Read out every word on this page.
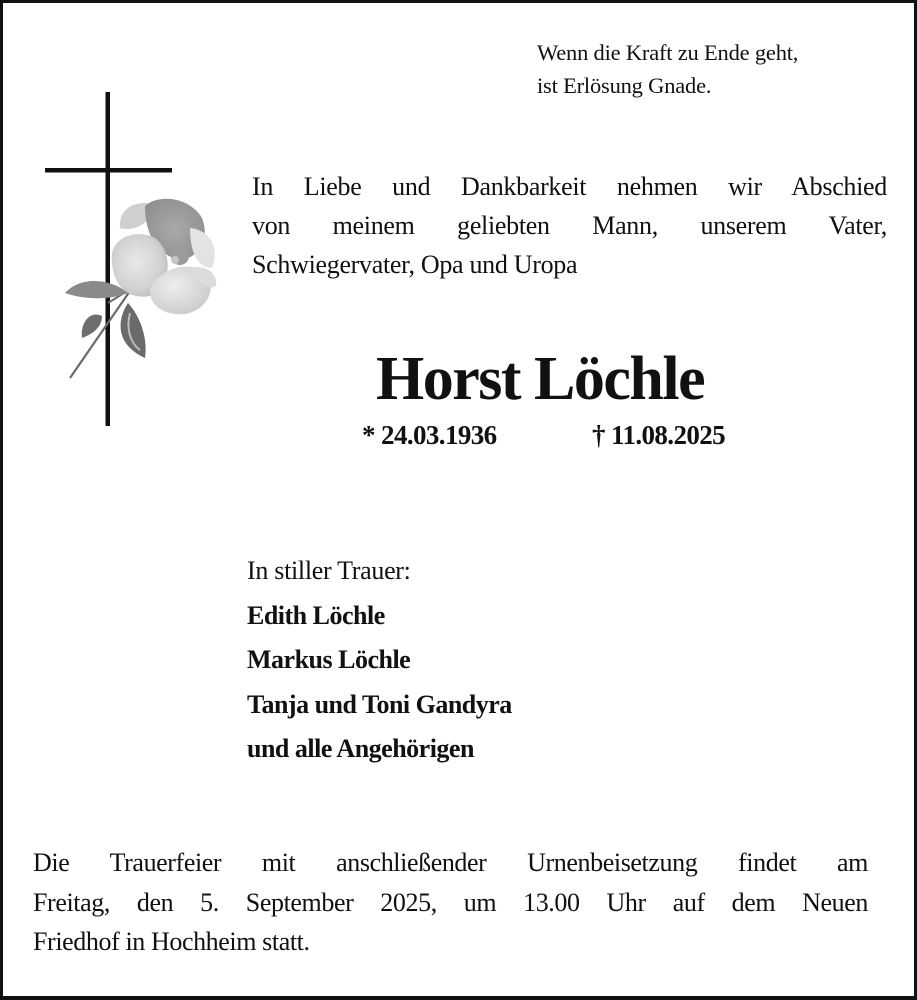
Wenn die Kraft zu Ende geht,
ist Erlösung Gnade.
In Liebe und Dankbarkeit nehmen wir Abschied
von meinem geliebten Mann, unserem Vater,
Schwiegervater, Opa und Uropa
Horst Löchle
* 24.03.1936	† 11.08.2025
In stiller Trauer:
Edith Löchle
Markus Löchle
Tanja und Toni Gandyra
und alle Angehörigen
Die Trauerfeier mit anschließender Urnenbeisetzung findet am
Freitag, den 5. September 2025, um 13.00 Uhr auf dem Neuen
Friedhof in Hochheim statt.
